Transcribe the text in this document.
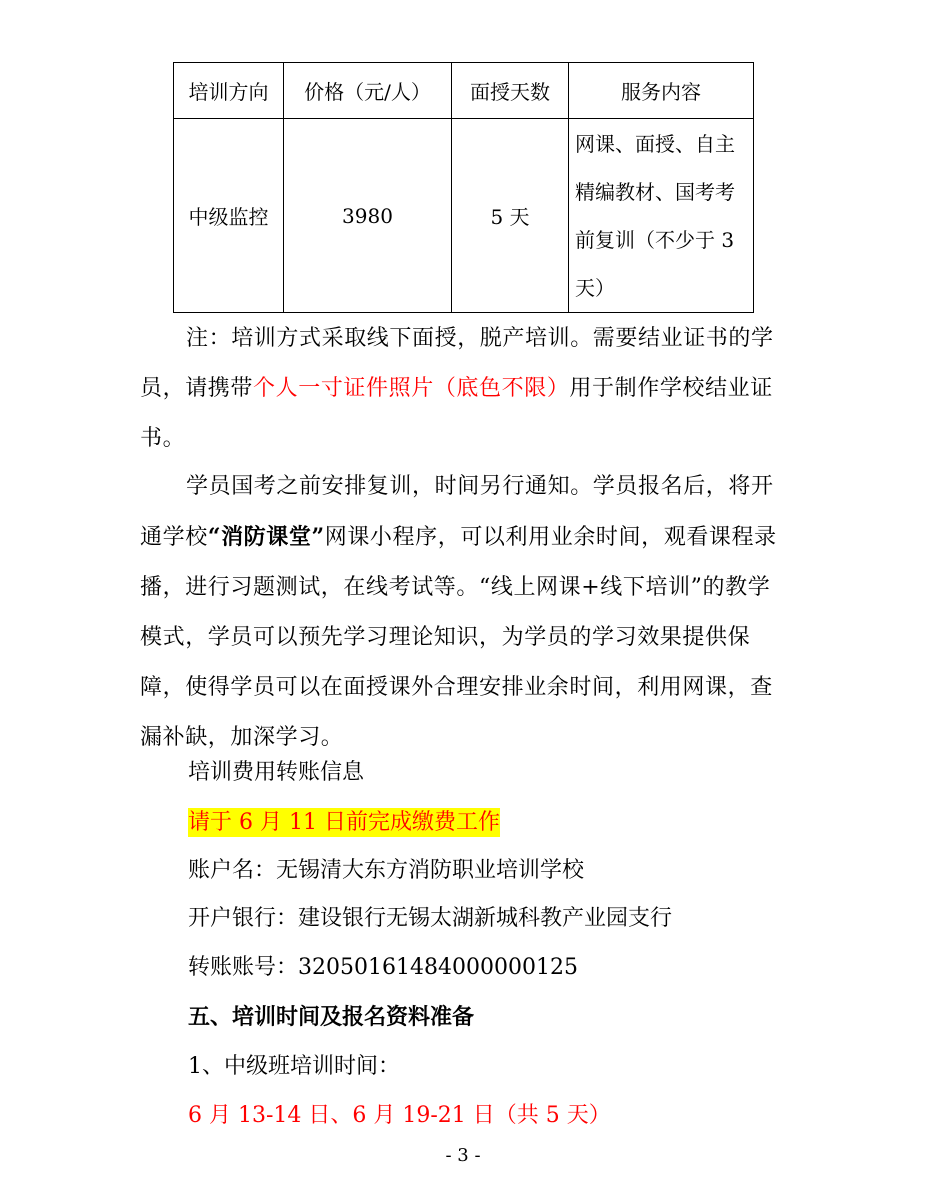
培训方向	价格（元/人）	面授天数	服务内容
中级监控	3980	5 天	网课、面授、自主精编教材、国考考前复训（不少于 3 天）
注：培训方式采取线下面授，脱产培训。需要结业证书的学员，请携带个人一寸证件照片（底色不限）用于制作学校结业证书。
学员国考之前安排复训，时间另行通知。学员报名后，将开通学校“消防课堂”网课小程序，可以利用业余时间，观看课程录播，进行习题测试，在线考试等。“线上网课+线下培训”的教学模式，学员可以预先学习理论知识，为学员的学习效果提供保障，使得学员可以在面授课外合理安排业余时间，利用网课，查漏补缺，加深学习。
培训费用转账信息
请于 6 月 11 日前完成缴费工作
账户名：无锡清大东方消防职业培训学校
开户银行：建设银行无锡太湖新城科教产业园支行
转账账号：32050161484000000125
五、培训时间及报名资料准备
1、中级班培训时间：
6 月 13-14 日、6 月 19-21 日（共 5 天）
- 3 -
